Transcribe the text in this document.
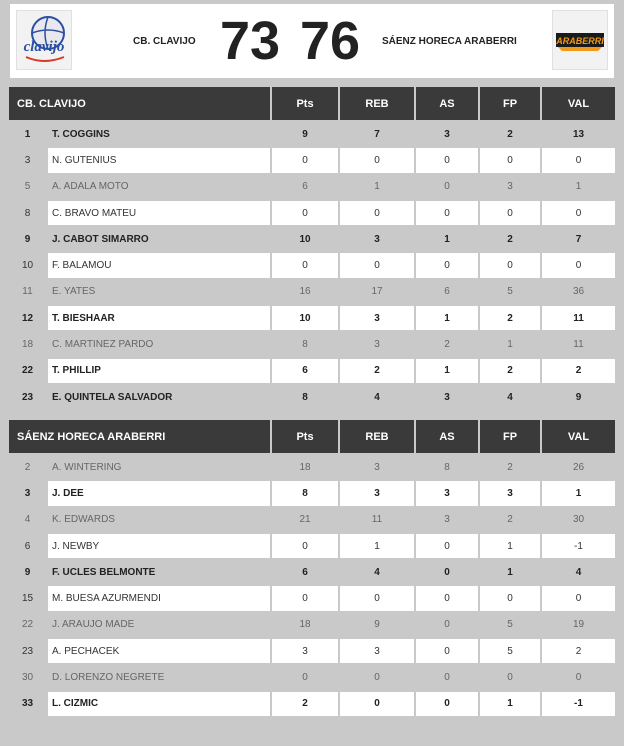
clavijo	CB. CLAVIJO 73 76 SÁENZ HORECA ARABERRI	ARABERRI
CB. CLAVIJO	Pts	REB	AS	FP	VAL
1	T. COGGINS	9	7	3	2	13
3	N. GUTENIUS	0	0	0	0	0
5	A. ADALA MOTO	6	1	0	3	1
8	C. BRAVO MATEU	0	0	0	0	0
9	J. CABOT SIMARRO	10	3	1	2	7
10	F. BALAMOU	0	0	0	0	0
11	E. YATES	16	17	6	5	36
12	T. BIESHAAR	10	3	1	2	11
18	C. MARTINEZ PARDO	8	3	2	1	11
22	T. PHILLIP	6	2	1	2	2
23	E. QUINTELA SALVADOR	8	4	3	4	9
SÁENZ HORECA ARABERRI	Pts	REB	AS	FP	VAL
2	A. WINTERING	18	3	8	2	26
3	J. DEE	8	3	3	3	1
4	K. EDWARDS	21	11	3	2	30
6	J. NEWBY	0	1	0	1	-1
9	F. UCLES BELMONTE	6	4	0	1	4
15	M. BUESA AZURMENDI	0	0	0	0	0
22	J. ARAUJO MADE	18	9	0	5	19
23	A. PECHACEK	3	3	0	5	2
30	D. LORENZO NEGRETE	0	0	0	0	0
33	L. CIZMIC	2	0	0	1	-1
